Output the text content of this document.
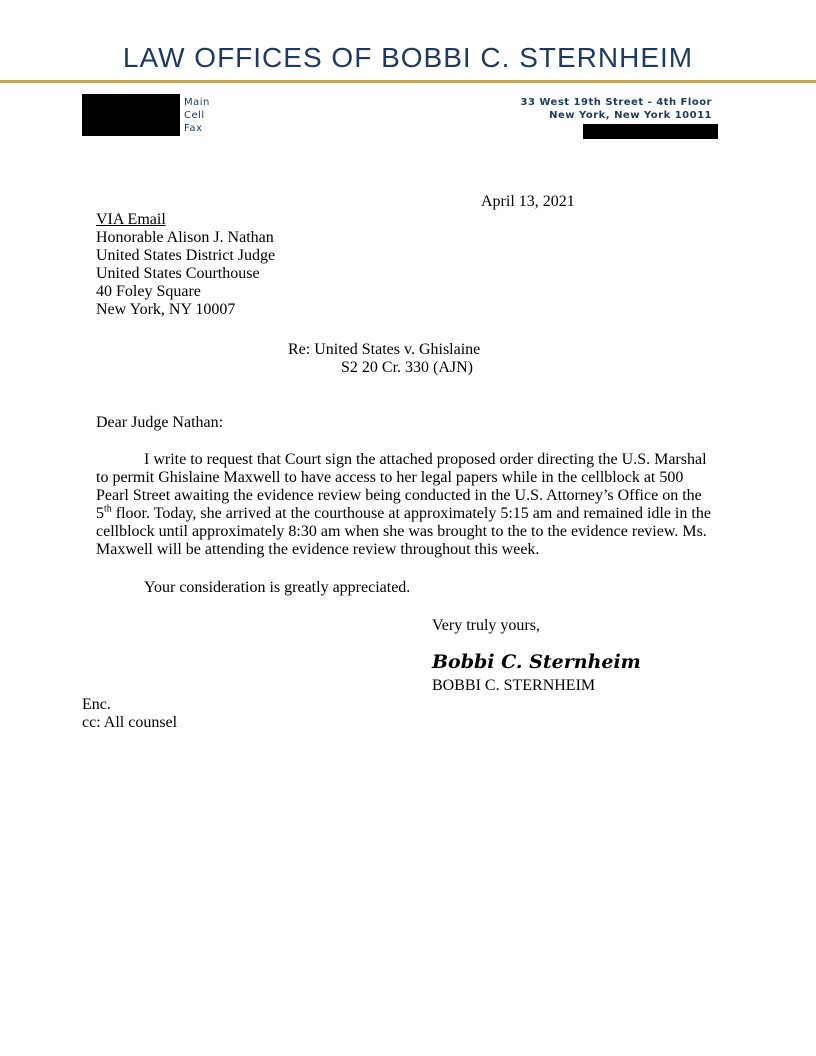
LAW OFFICES OF BOBBI C. STERNHEIM
Main
Cell
Fax
33 West 19th Street - 4th Floor
New York, New York 10011
April 13, 2021
VIA Email
Honorable Alison J. Nathan
United States District Judge
United States Courthouse
40 Foley Square
New York, NY 10007
Re: United States v. Ghislaine
S2 20 Cr. 330 (AJN)
Dear Judge Nathan:
I write to request that Court sign the attached proposed order directing the U.S. Marshal
to permit Ghislaine Maxwell to have access to her legal papers while in the cellblock at 500
Pearl Street awaiting the evidence review being conducted in the U.S. Attorney’s Office on the
5th floor. Today, she arrived at the courthouse at approximately 5:15 am and remained idle in the
cellblock until approximately 8:30 am when she was brought to the to the evidence review. Ms.
Maxwell will be attending the evidence review throughout this week.
Your consideration is greatly appreciated.
Very truly yours,
Bobbi C. Sternheim
BOBBI C. STERNHEIM
Enc.
cc: All counsel
